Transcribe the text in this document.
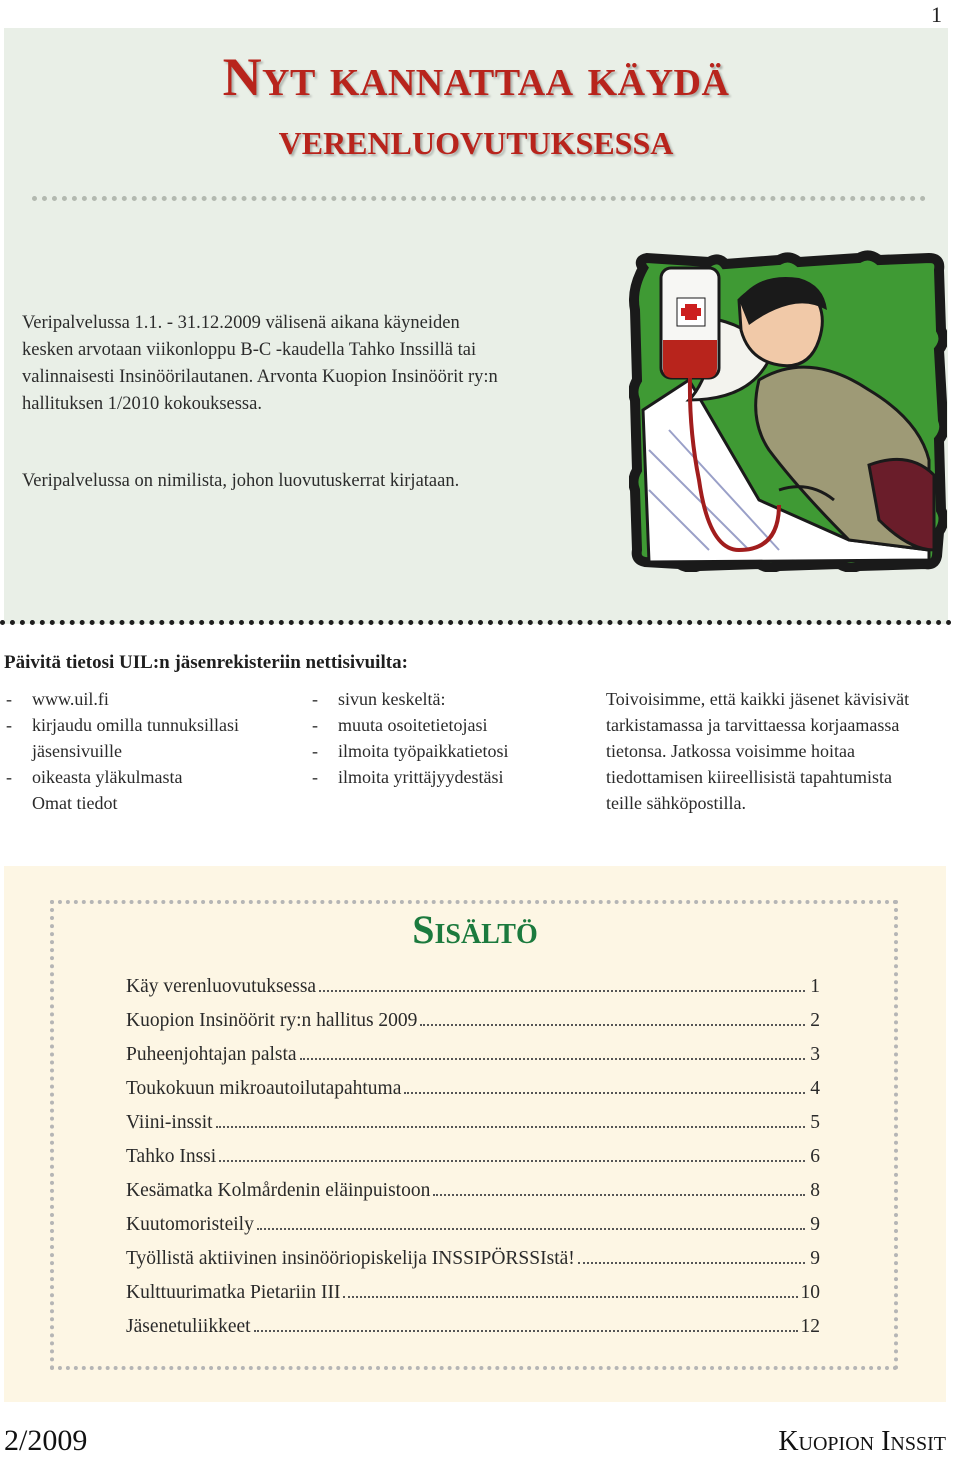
1
Nyt kannattaa käydä
verenluovutuksessa
Veripalvelussa 1.1. - 31.12.2009 välisenä aikana käyneiden kesken arvotaan viikonloppu B-C -kaudella Tahko Inssillä tai valinnaisesti Insinöörilautanen. Arvonta Kuopion Insinöörit ry:n hallituksen 1/2010 kokouksessa.
Veripalvelussa on nimilista, johon luovutuskerrat kirjataan.
Päivitä tietosi UIL:n jäsenrekisteriin nettisivuilta:
-	www.uil.fi
-	kirjaudu omilla tunnuksillasi
jäsensivuille
-	oikeasta yläkulmasta
Omat tiedot
-	sivun keskeltä:
-	muuta osoitetietojasi
-	ilmoita työpaikkatietosi
-	ilmoita yrittäjyydestäsi
Toivoisimme, että kaikki jäsenet kävisivät tarkistamassa ja tarvittaessa korjaamassa tietonsa. Jatkossa voisimme hoitaa tiedottamisen kiireellisistä tapahtumista teille sähköpostilla.
Sisältö
Käy verenluovutuksessa	1
Kuopion Insinöörit ry:n hallitus 2009	2
Puheenjohtajan palsta	3
Toukokuun mikroautoilutapahtuma	4
Viini-inssit	5
Tahko Inssi	6
Kesämatka Kolmårdenin eläinpuistoon	8
Kuutomoristeily	9
Työllistä aktiivinen insinööriopiskelija INSSIPÖRSSIstä!	9
Kulttuurimatka Pietariin III	10
Jäsenetuliikkeet	12
2/2009	Kuopion Inssit
